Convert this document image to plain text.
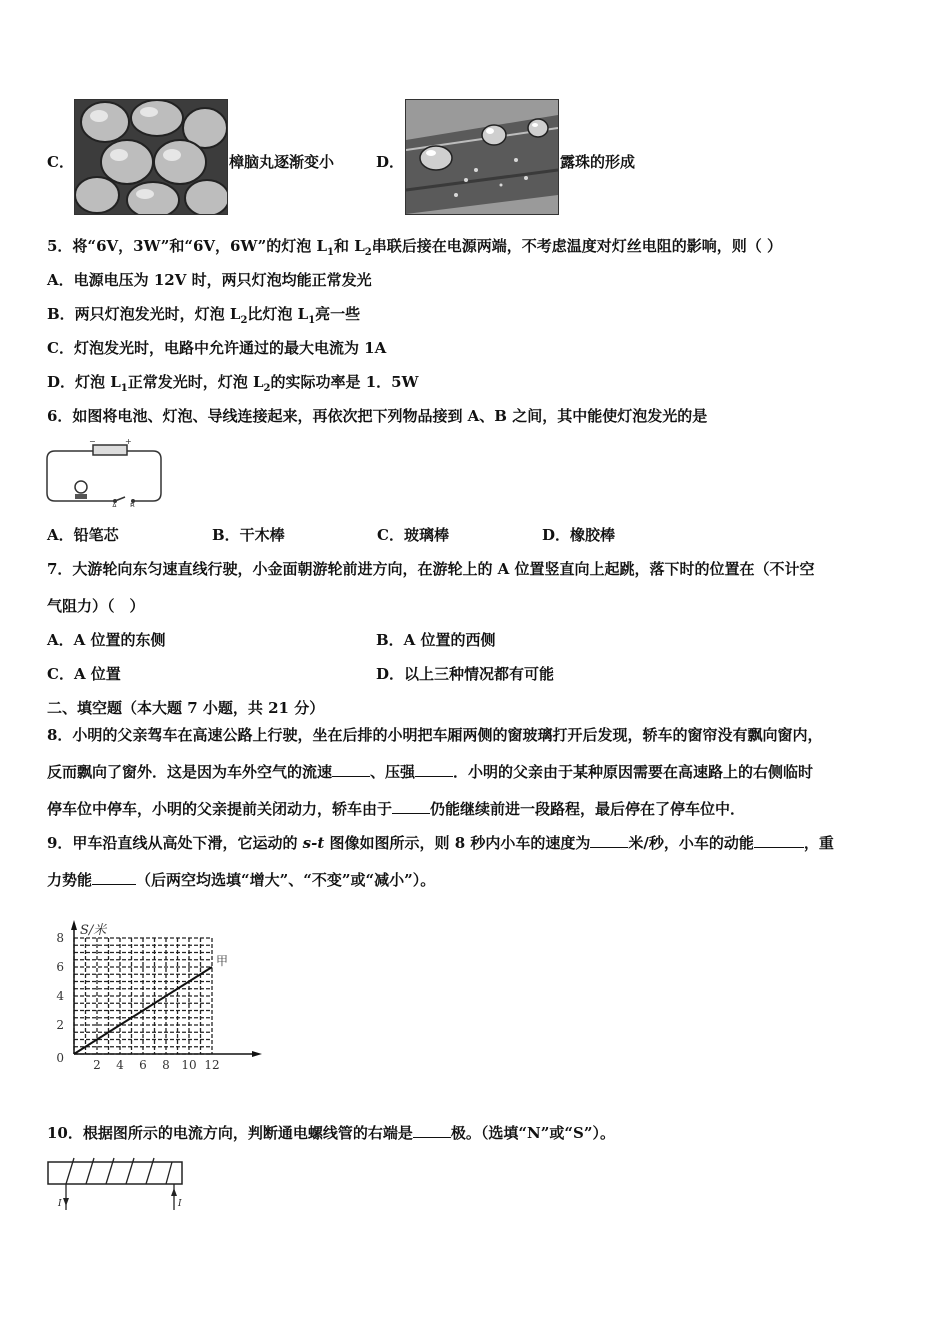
C．	樟脑丸逐渐变小	D．	露珠的形成
5．将“6V，3W”和“6V，6W”的灯泡 $L_1$和 $L_2$串联后接在电源两端，不考虑温度对灯丝电阻的影响，则（ ）
A．电源电压为 12V 时，两只灯泡均能正常发光
B．两只灯泡发光时，灯泡 $L_2$比灯泡 $L_1$亮一些
C．灯泡发光时，电路中允许通过的最大电流为 1A
D．灯泡 $L_1$正常发光时，灯泡 $L_2$的实际功率是 1．5W
6．如图将电池、灯泡、导线连接起来，再依次把下列物品接到 A、B 之间，其中能使灯泡发光的是
−	+
A B
A．铅笔芯	B．干木棒	C．玻璃棒	D．橡胶棒
7．大游轮向东匀速直线行驶，小金面朝游轮前进方向，在游轮上的 A 位置竖直向上起跳，落下时的位置在（不计空
气阻力）（　）
A．A 位置的东侧	B．A 位置的西侧
C．A 位置	D．以上三种情况都有可能
二、填空题（本大题 7 小题，共 21 分）
8．小明的父亲驾车在高速公路上行驶，坐在后排的小明把车厢两侧的窗玻璃打开后发现，轿车的窗帘没有飘向窗内，
反而飘向了窗外．这是因为车外空气的流速	、压强	．小明的父亲由于某种原因需要在高速路上的右侧临时
停车位中停车，小明的父亲提前关闭动力，轿车由于	仍能继续前进一段路程，最后停在了停车位中．
9．甲车沿直线从高处下滑，它运动的 s-t 图像如图所示，则 8 秒内小车的速度为	米/秒，小车的动能	，重
力势能	（后两空均选填“增大”、“不变”或“减小”）。
S/米
2 4 6 8 10 12
0
2
4
6
8
甲
10．根据图所示的电流方向，判断通电螺线管的右端是	极。（选填“N”或“S”）。
I	I
